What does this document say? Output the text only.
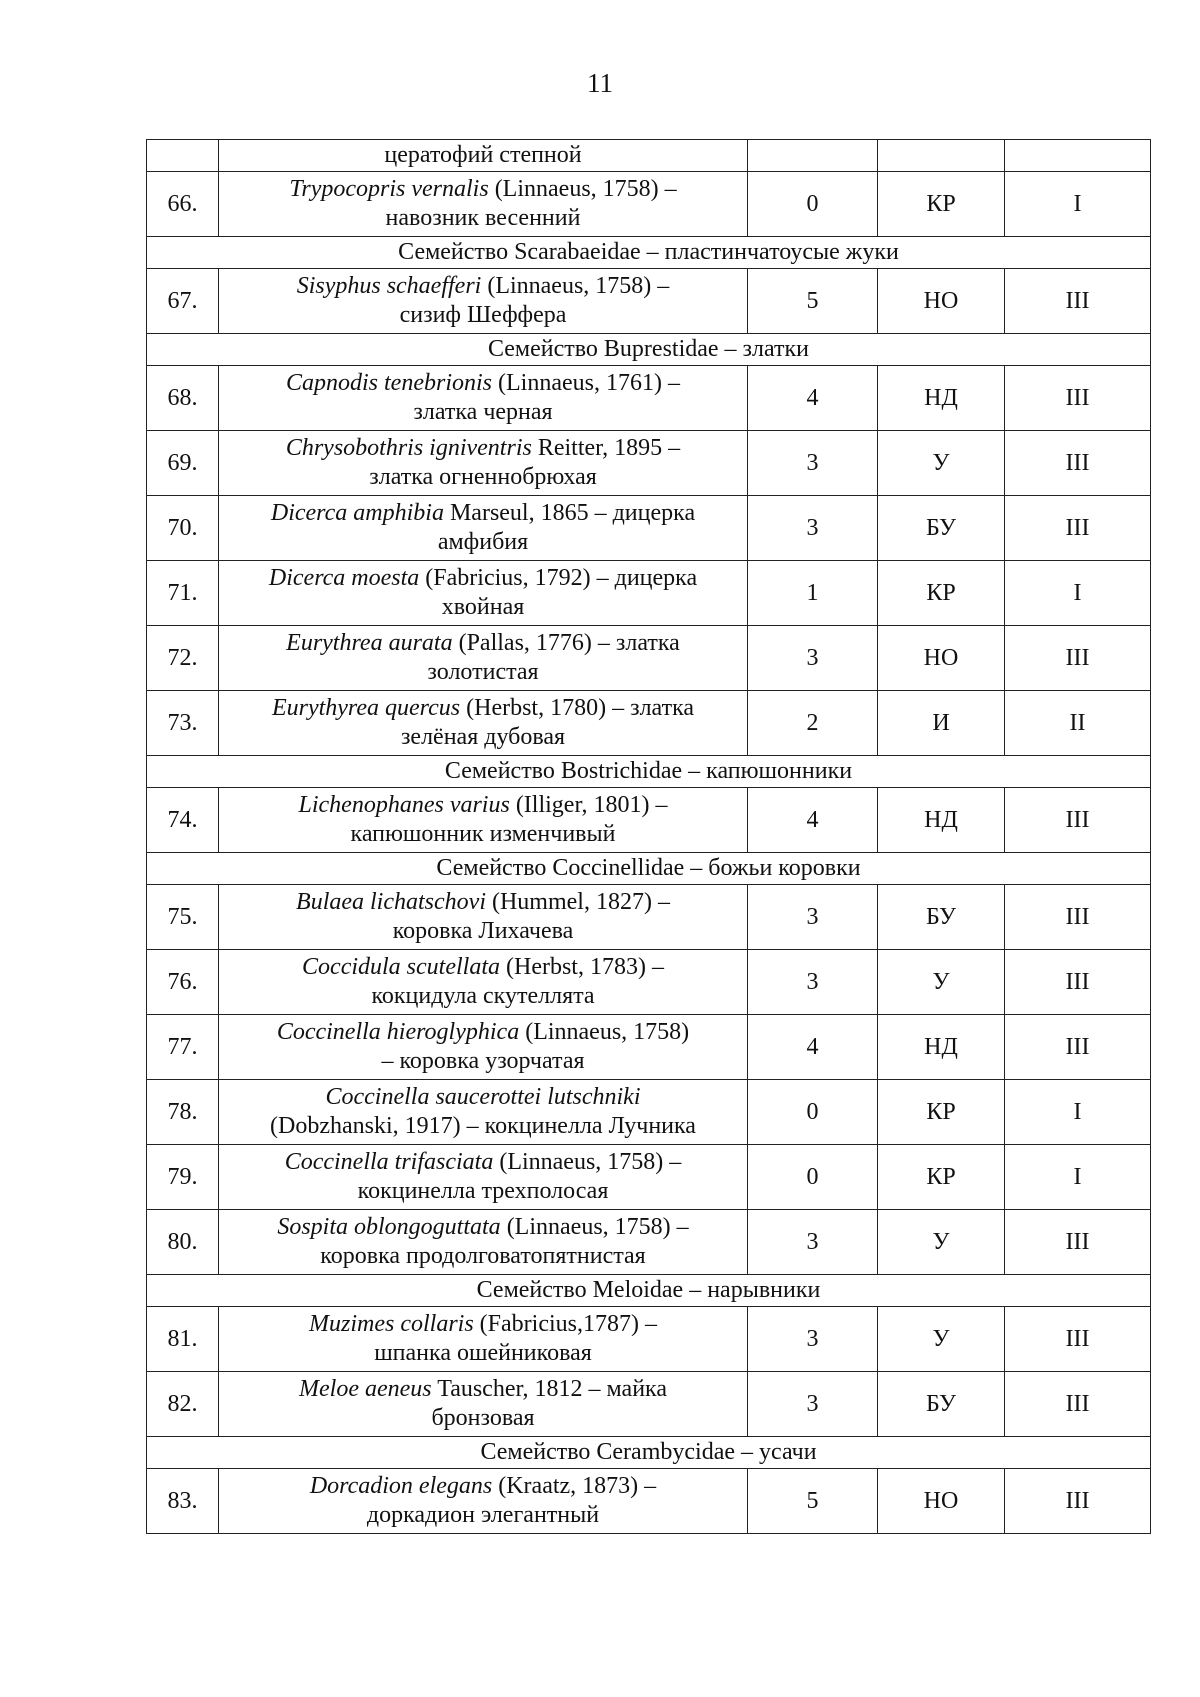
11
	цератофий степной			
66.	Trypocopris vernalis (Linnaeus, 1758) –
навозник весенний	0	КР	I
Семейство Scarabaeidae – пластинчатоусые жуки				
67.	Sisyphus schaefferi (Linnaeus, 1758) –
сизиф Шеффера	5	НО	III
Семейство Buprestidae – златки				
68.	Capnodis tenebrionis (Linnaeus, 1761) –
златка черная	4	НД	III
69.	Chrysobothris igniventris Reitter, 1895 –
златка огненнобрюхая	3	У	III
70.	Dicerca amphibia Marseul, 1865 – дицерка
амфибия	3	БУ	III
71.	Dicerca moesta (Fabricius, 1792) – дицерка
хвойная	1	КР	I
72.	Eurythrea aurata (Pallas, 1776) – златка
золотистая	3	НО	III
73.	Eurythyrea quercus (Herbst, 1780) – златка
зелёная дубовая	2	И	II
Семейство Bostrichidae – капюшонники				
74.	Lichenophanes varius (Illiger, 1801) –
капюшонник изменчивый	4	НД	III
Семейство Coccinellidae – божьи коровки				
75.	Bulaea lichatschovi (Hummel, 1827) –
коровка Лихачева	3	БУ	III
76.	Coccidula scutellata (Herbst, 1783) –
кокцидула скутеллята	3	У	III
77.	Coccinella hieroglyphica (Linnaeus, 1758)
– коровка узорчатая	4	НД	III
78.	Coccinella saucerottei lutschniki
(Dobzhanski, 1917) – кокцинелла Лучника	0	КР	I
79.	Coccinella trifasciata (Linnaeus, 1758) –
кокцинелла трехполосая	0	КР	I
80.	Sospita oblongoguttata (Linnaeus, 1758) –
коровка продолговатопятнистая	3	У	III
Семейство Meloidae – нарывники				
81.	Muzimes collaris (Fabricius,1787) –
шпанка ошейниковая	3	У	III
82.	Meloe aeneus Tauscher, 1812 – майка
бронзовая	3	БУ	III
Семейство Cerambycidae – усачи				
83.	Dorcadion elegans (Kraatz, 1873) –
доркадион элегантный	5	НО	III
